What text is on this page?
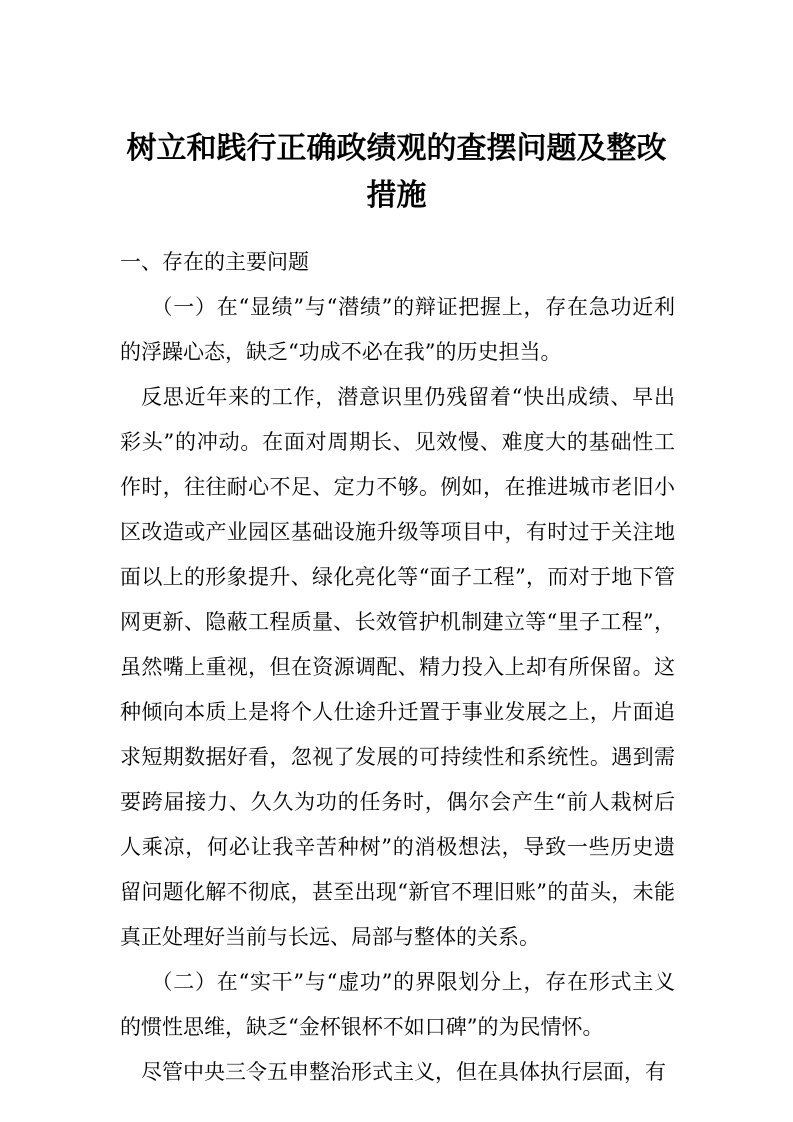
树立和践行正确政绩观的查摆问题及整改
措施

一、存在的主要问题

（一）在“显绩”与“潜绩”的辩证把握上，存在急功近利的浮躁心态，缺乏“功成不必在我”的历史担当。

反思近年来的工作，潜意识里仍残留着“快出成绩、早出彩头”的冲动。在面对周期长、见效慢、难度大的基础性工作时，往往耐心不足、定力不够。例如，在推进城市老旧小区改造或产业园区基础设施升级等项目中，有时过于关注地面以上的形象提升、绿化亮化等“面子工程”，而对于地下管网更新、隐蔽工程质量、长效管护机制建立等“里子工程”，虽然嘴上重视，但在资源调配、精力投入上却有所保留。这种倾向本质上是将个人仕途升迁置于事业发展之上，片面追求短期数据好看，忽视了发展的可持续性和系统性。遇到需要跨届接力、久久为功的任务时，偶尔会产生“前人栽树后人乘凉，何必让我辛苦种树”的消极想法，导致一些历史遗留问题化解不彻底，甚至出现“新官不理旧账”的苗头，未能真正处理好当前与长远、局部与整体的关系。

（二）在“实干”与“虚功”的界限划分上，存在形式主义的惯性思维，缺乏“金杯银杯不如口碑”的为民情怀。

尽管中央三令五申整治形式主义，但在具体执行层面，有
